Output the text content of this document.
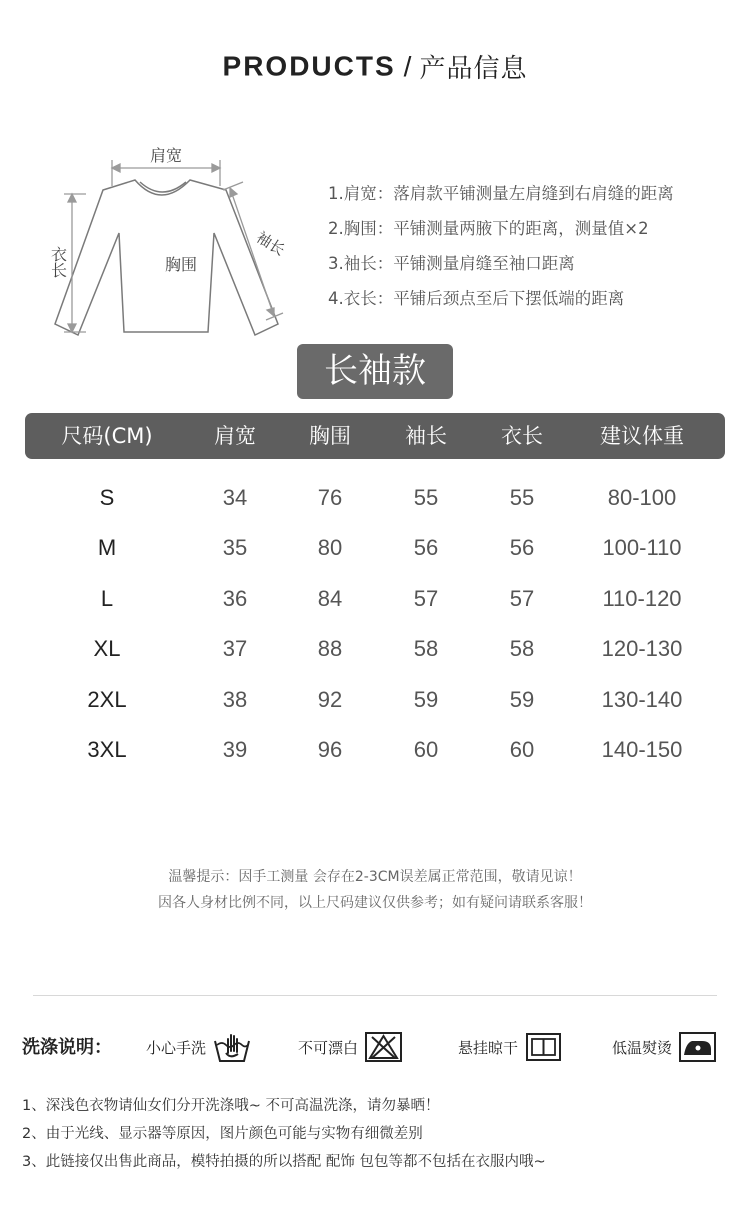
PRODUCTS / 产品信息
肩宽
胸围
衣长
袖长
1.肩宽：落肩款平铺测量左肩缝到右肩缝的距离
2.胸围：平铺测量两腋下的距离，测量值×2
3.袖长：平铺测量肩缝至袖口距离
4.衣长：平铺后颈点至后下摆低端的距离
长袖款
尺码(CM)	肩宽	胸围	袖长	衣长	建议体重
S	34	76	55	55	80-100
M	35	80	56	56	100-110
L	36	84	57	57	110-120
XL	37	88	58	58	120-130
2XL	38	92	59	59	130-140
3XL	39	96	60	60	140-150
温馨提示：因手工测量 会存在2-3CM误差属正常范围，敬请见谅！
因各人身材比例不同，以上尺码建议仅供参考；如有疑问请联系客服！
洗涤说明： 小心手洗	不可漂白	悬挂晾干	低温熨烫
1、深浅色衣物请仙女们分开洗涤哦~ 不可高温洗涤，请勿暴晒！
2、由于光线、显示器等原因，图片颜色可能与实物有细微差别
3、此链接仅出售此商品，模特拍摄的所以搭配 配饰 包包等都不包括在衣服内哦~
